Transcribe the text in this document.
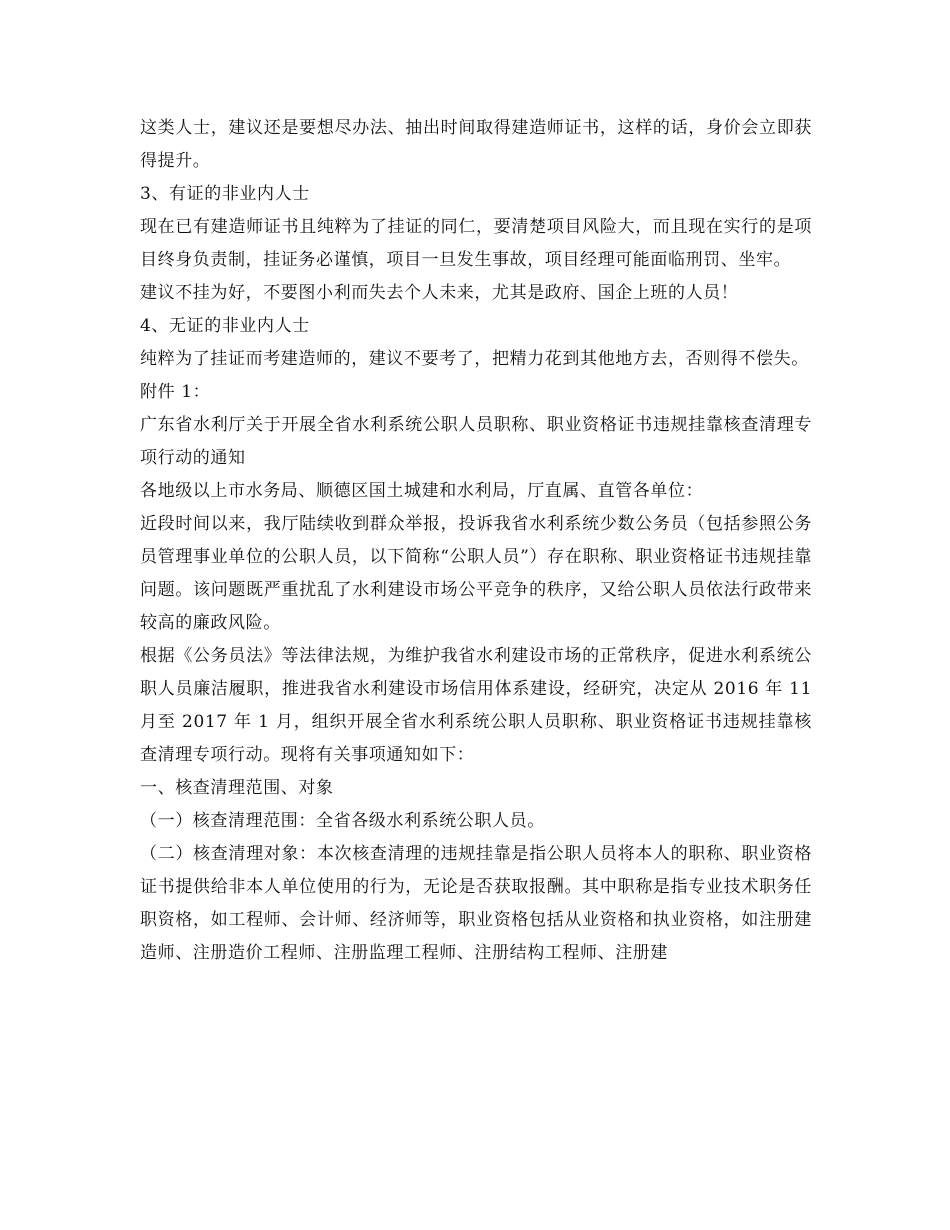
这类人士，建议还是要想尽办法、抽出时间取得建造师证书，这样的话，身价会立即获得提升。

3、有证的非业内人士

现在已有建造师证书且纯粹为了挂证的同仁，要清楚项目风险大，而且现在实行的是项目终身负责制，挂证务必谨慎，项目一旦发生事故，项目经理可能面临刑罚、坐牢。

建议不挂为好，不要图小利而失去个人未来，尤其是政府、国企上班的人员！

4、无证的非业内人士

纯粹为了挂证而考建造师的，建议不要考了，把精力花到其他地方去，否则得不偿失。

附件 1：

广东省水利厅关于开展全省水利系统公职人员职称、职业资格证书违规挂靠核查清理专项行动的通知

各地级以上市水务局、顺德区国土城建和水利局，厅直属、直管各单位：

近段时间以来，我厅陆续收到群众举报，投诉我省水利系统少数公务员（包括参照公务员管理事业单位的公职人员，以下简称“公职人员”）存在职称、职业资格证书违规挂靠问题。该问题既严重扰乱了水利建设市场公平竞争的秩序，又给公职人员依法行政带来较高的廉政风险。

根据《公务员法》等法律法规，为维护我省水利建设市场的正常秩序，促进水利系统公职人员廉洁履职，推进我省水利建设市场信用体系建设，经研究，决定从 2016 年 11 月至 2017 年 1 月，组织开展全省水利系统公职人员职称、职业资格证书违规挂靠核查清理专项行动。现将有关事项通知如下：

一、核查清理范围、对象

（一）核查清理范围：全省各级水利系统公职人员。

（二）核查清理对象：本次核查清理的违规挂靠是指公职人员将本人的职称、职业资格证书提供给非本人单位使用的行为，无论是否获取报酬。其中职称是指专业技术职务任职资格，如工程师、会计师、经济师等，职业资格包括从业资格和执业资格，如注册建造师、注册造价工程师、注册监理工程师、注册结构工程师、注册建
